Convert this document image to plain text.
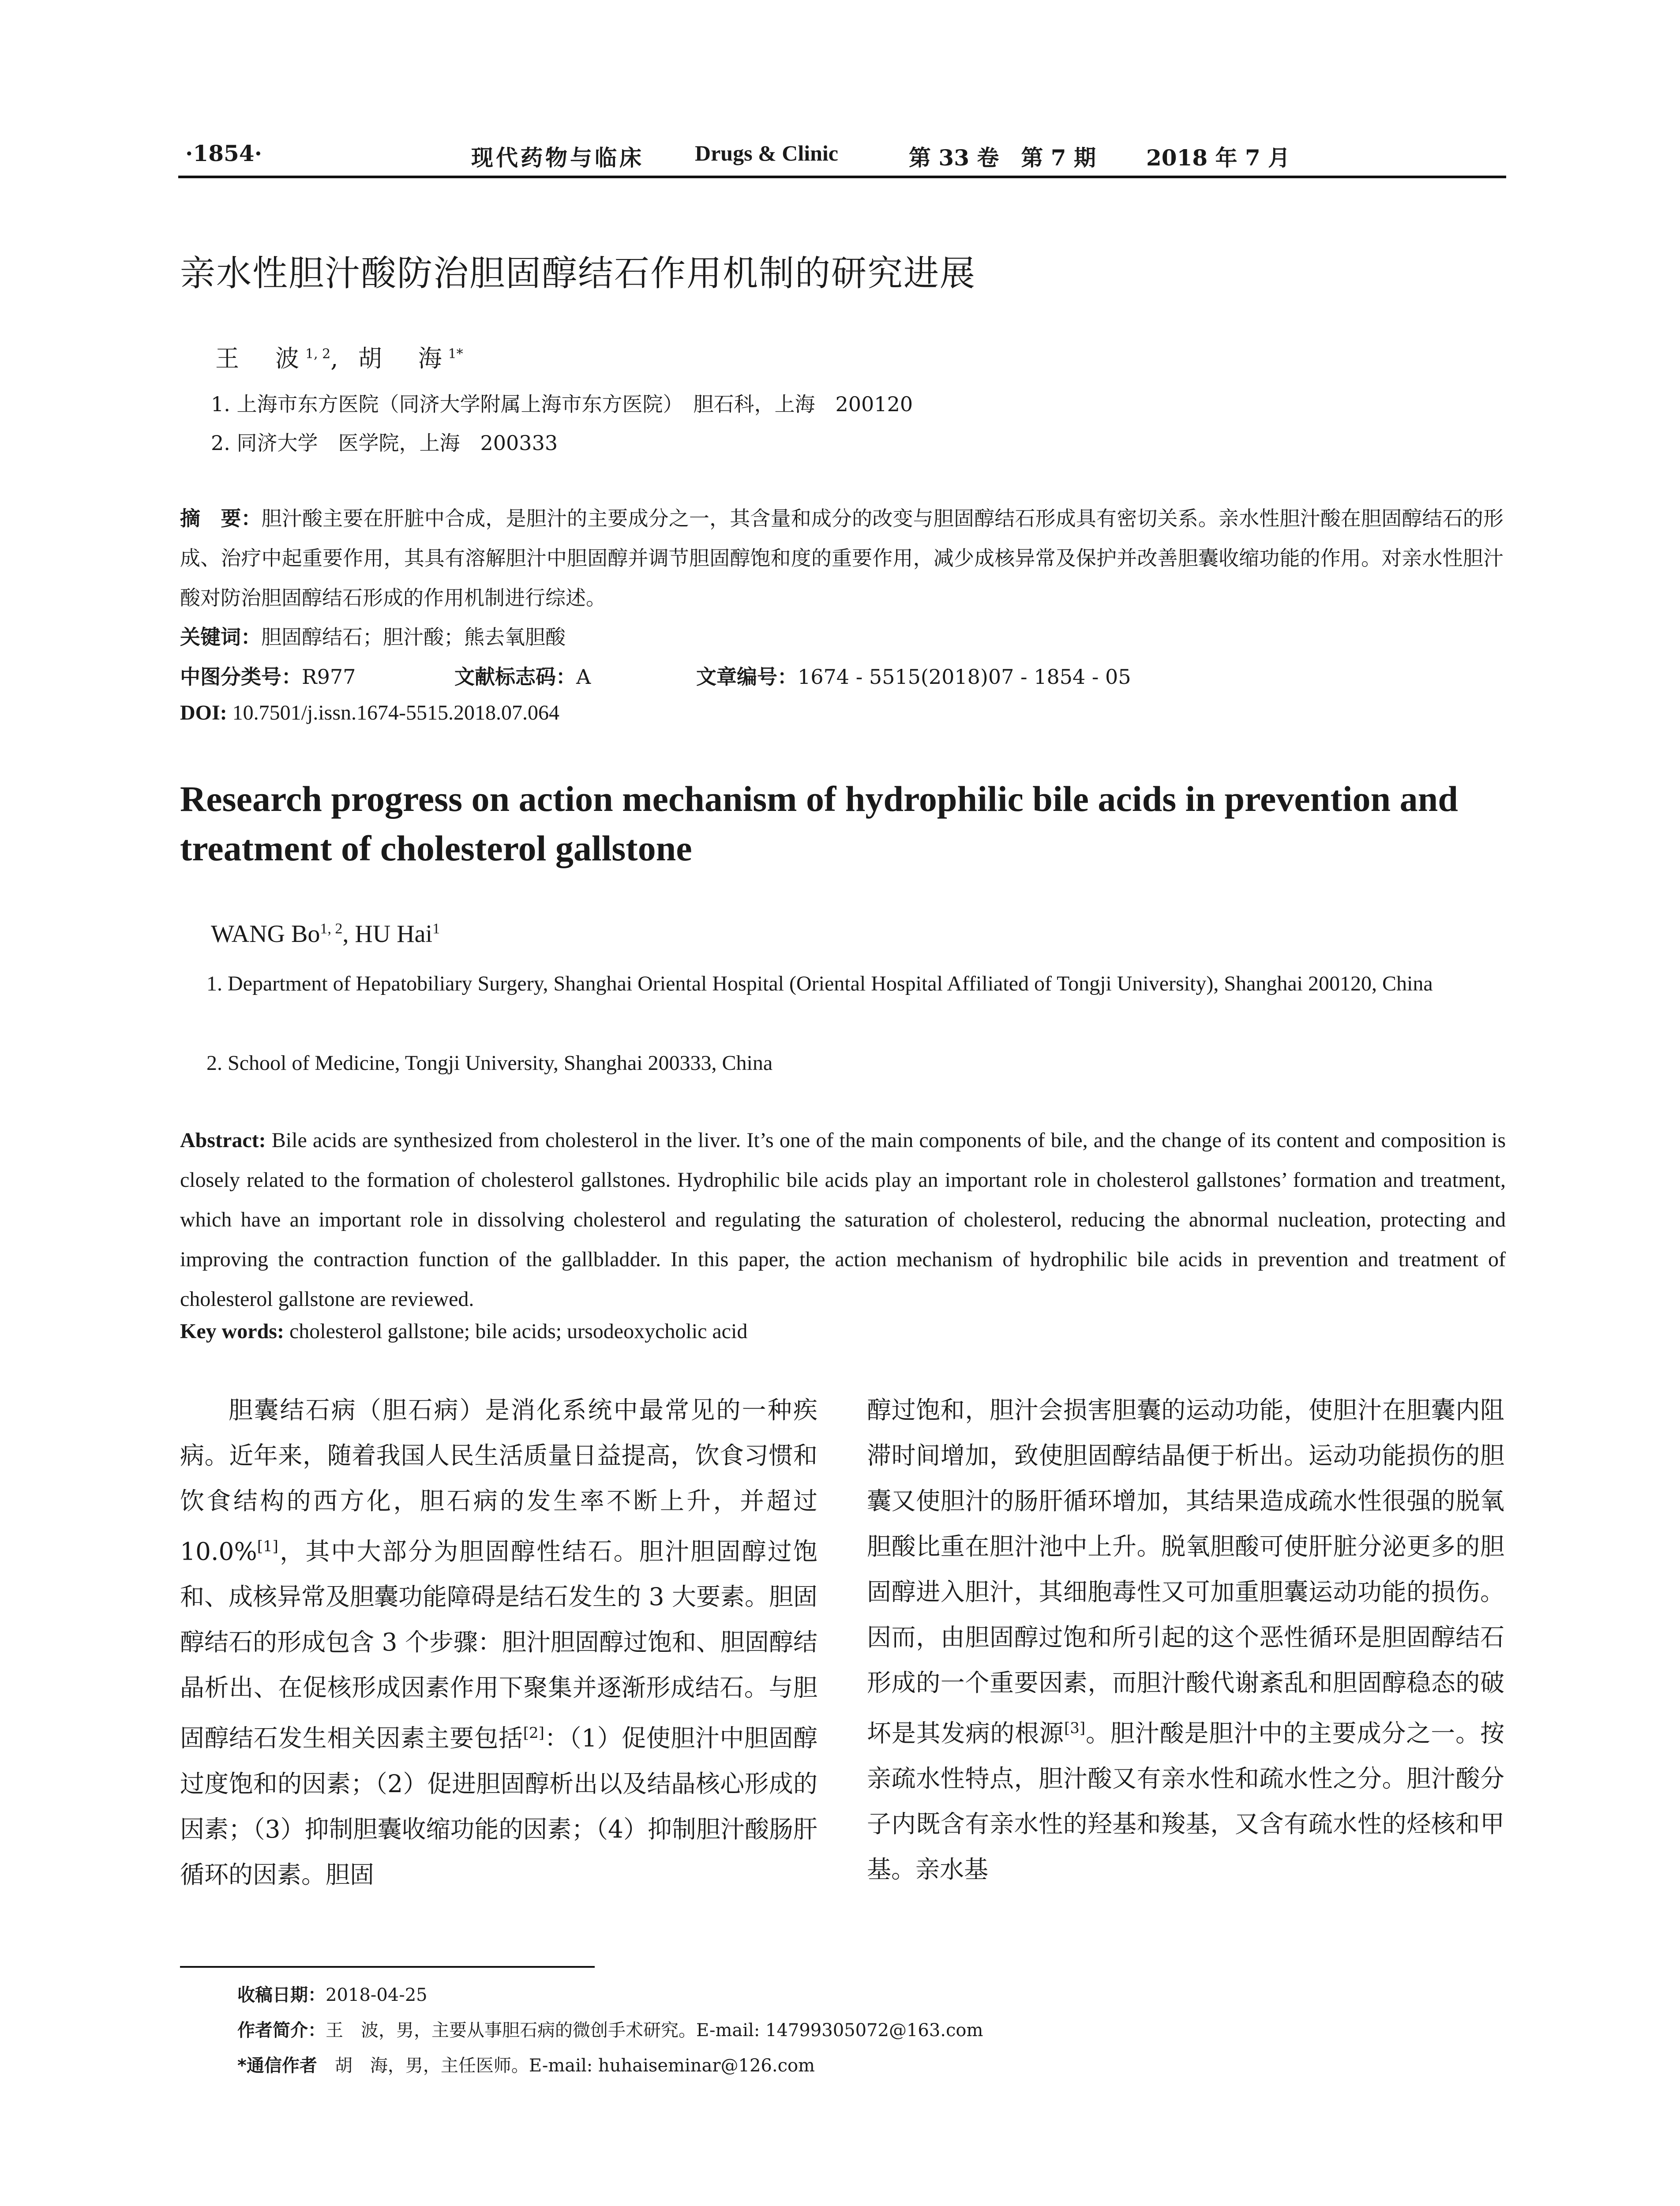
·1854·	现代药物与临床 Drugs & Clinic	第 33 卷　第 7 期 2018 年 7 月
亲水性胆汁酸防治胆固醇结石作用机制的研究进展
王　波$^{1, 2}$, 胡　海$^{1*}$
1. 上海市东方医院（同济大学附属上海市东方医院）　胆石科，上海　200120
2. 同济大学　医学院，上海　200333
摘　要：胆汁酸主要在肝脏中合成，是胆汁的主要成分之一，其含量和成分的改变与胆固醇结石形成具有密切关系。亲水性胆汁酸在胆固醇结石的形成、治疗中起重要作用，其具有溶解胆汁中胆固醇并调节胆固醇饱和度的重要作用，减少成核异常及保护并改善胆囊收缩功能的作用。对亲水性胆汁酸对防治胆固醇结石形成的作用机制进行综述。
关键词：胆固醇结石；胆汁酸；熊去氧胆酸
中图分类号：R977	文献标志码：A	文章编号：1674 - 5515(2018)07 - 1854 - 05
DOI: 10.7501/j.issn.1674-5515.2018.07.064
Research progress on action mechanism of hydrophilic bile acids in prevention and treatment of cholesterol gallstone
WANG Bo$^{1, 2}$, HU Hai$^1$
1. Department of Hepatobiliary Surgery, Shanghai Oriental Hospital (Oriental Hospital Affiliated of Tongji University), Shanghai 200120, China
2. School of Medicine, Tongji University, Shanghai 200333, China
Abstract: Bile acids are synthesized from cholesterol in the liver. It’s one of the main components of bile, and the change of its content and composition is closely related to the formation of cholesterol gallstones. Hydrophilic bile acids play an important role in cholesterol gallstones’ formation and treatment, which have an important role in dissolving cholesterol and regulating the saturation of cholesterol, reducing the abnormal nucleation, protecting and improving the contraction function of the gallbladder. In this paper, the action mechanism of hydrophilic bile acids in prevention and treatment of cholesterol gallstone are reviewed.
Key words: cholesterol gallstone; bile acids; ursodeoxycholic acid
胆囊结石病（胆石病）是消化系统中最常见的一种疾病。近年来，随着我国人民生活质量日益提高，饮食习惯和饮食结构的西方化，胆石病的发生率不断上升，并超过 10.0%[1]，其中大部分为胆固醇性结石。胆汁胆固醇过饱和、成核异常及胆囊功能障碍是结石发生的 3 大要素。胆固醇结石的形成包含 3 个步骤：胆汁胆固醇过饱和、胆固醇结晶析出、在促核形成因素作用下聚集并逐渐形成结石。与胆固醇结石发生相关因素主要包括[2]：（1）促使胆汁中胆固醇过度饱和的因素；（2）促进胆固醇析出以及结晶核心形成的因素；（3）抑制胆囊收缩功能的因素；（4）抑制胆汁酸肠肝循环的因素。胆固
醇过饱和，胆汁会损害胆囊的运动功能，使胆汁在胆囊内阻滞时间增加，致使胆固醇结晶便于析出。运动功能损伤的胆囊又使胆汁的肠肝循环增加，其结果造成疏水性很强的脱氧胆酸比重在胆汁池中上升。脱氧胆酸可使肝脏分泌更多的胆固醇进入胆汁，其细胞毒性又可加重胆囊运动功能的损伤。因而，由胆固醇过饱和所引起的这个恶性循环是胆固醇结石形成的一个重要因素，而胆汁酸代谢紊乱和胆固醇稳态的破坏是其发病的根源[3]。胆汁酸是胆汁中的主要成分之一。按亲疏水性特点，胆汁酸又有亲水性和疏水性之分。胆汁酸分子内既含有亲水性的羟基和羧基，又含有疏水性的烃核和甲基。亲水基
收稿日期：2018-04-25
作者简介：王　波，男，主要从事胆石病的微创手术研究。E-mail: 14799305072@163.com
*通信作者　胡　海，男，主任医师。E-mail: huhaiseminar@126.com
